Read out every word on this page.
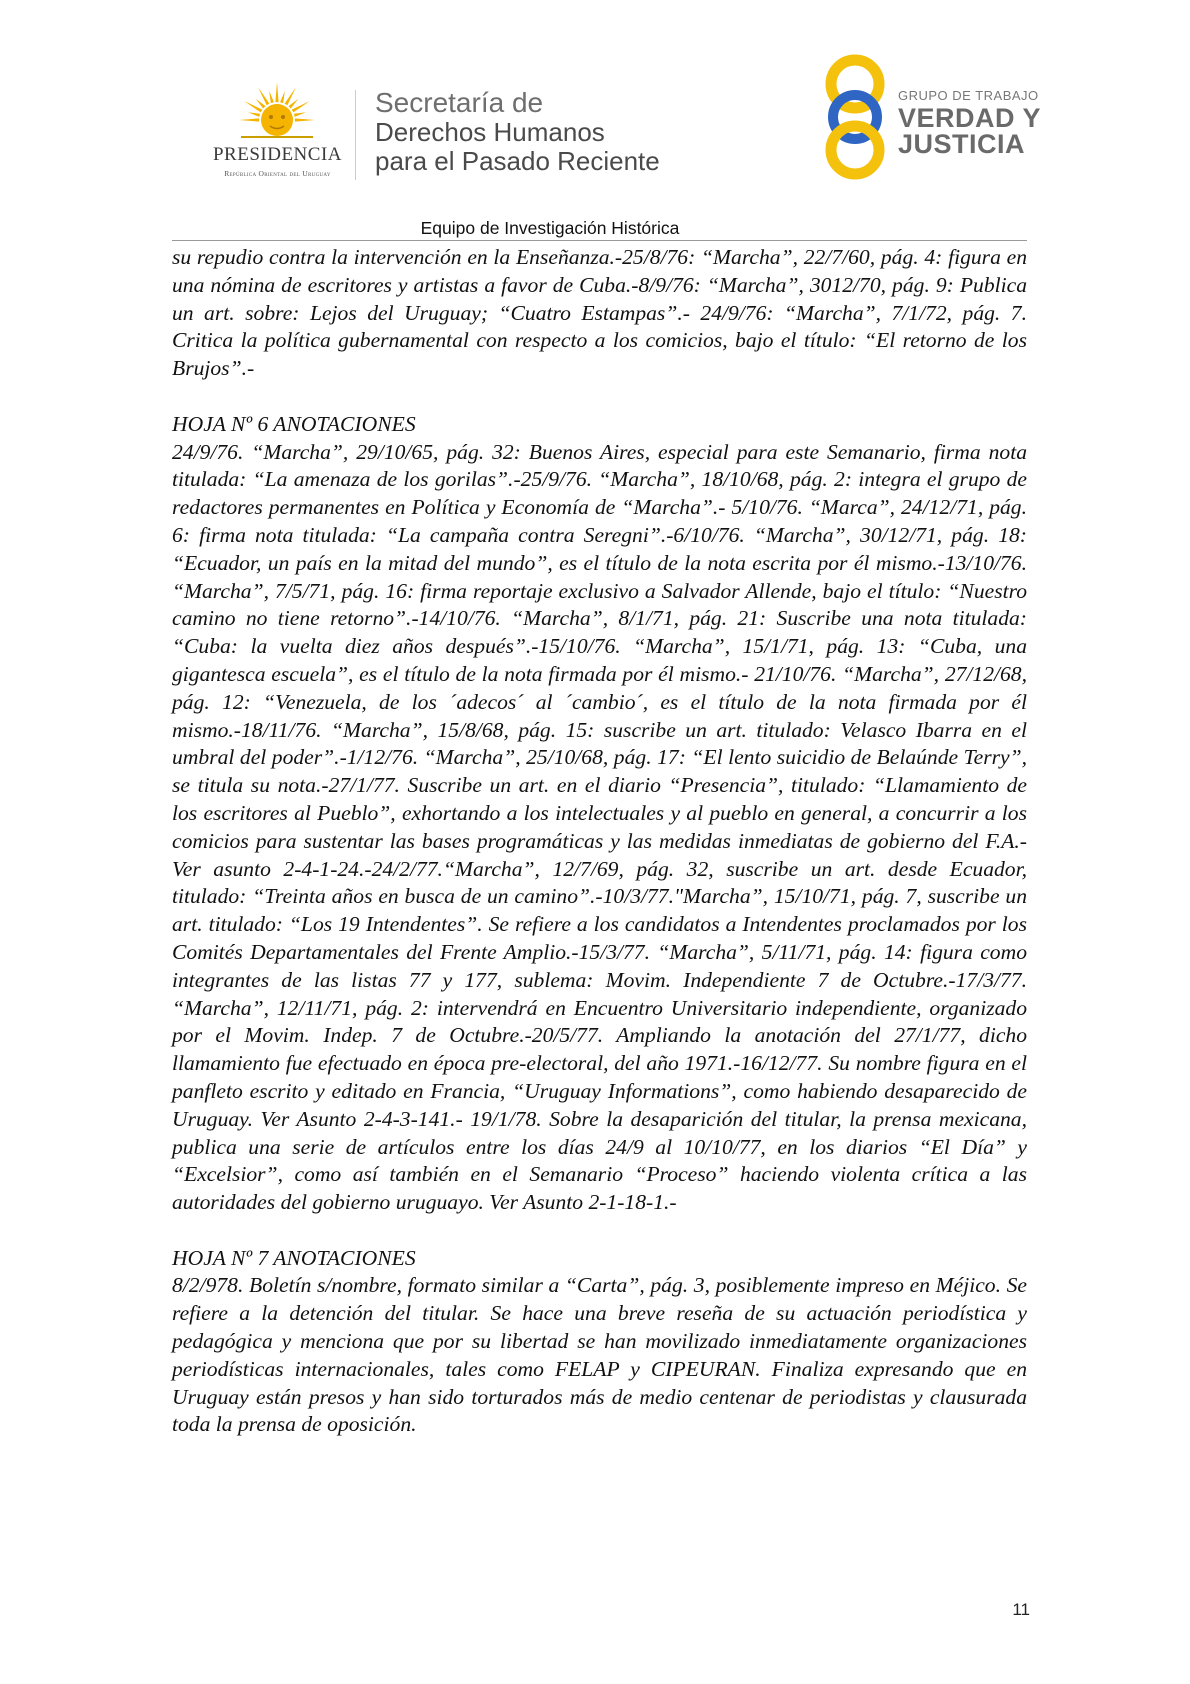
PRESIDENCIA
República Oriental del Uruguay
Secretaría de
Derechos Humanos
para el Pasado Reciente
GRUPO DE TRABAJO
VERDAD Y
JUSTICIA
Equipo de Investigación Histórica

su repudio contra la intervención en la Enseñanza.-25/8/76: “Marcha”, 22/7/60, pág. 4: figura en una nómina de escritores y artistas a favor de Cuba.-8/9/76: “Marcha”, 3012/70, pág. 9: Publica un art. sobre: Lejos del Uruguay; “Cuatro Estampas”.- 24/9/76: “Marcha”, 7/1/72, pág. 7. Critica la política gubernamental con respecto a los comicios, bajo el título: “El retorno de los Brujos”.-

HOJA Nº 6 ANOTACIONES

24/9/76. “Marcha”, 29/10/65, pág. 32: Buenos Aires, especial para este Semanario, firma nota titulada: “La amenaza de los gorilas”.-25/9/76. “Marcha”, 18/10/68, pág. 2: integra el grupo de redactores permanentes en Política y Economía de “Marcha”.- 5/10/76. “Marca”, 24/12/71, pág. 6: firma nota titulada: “La campaña contra Seregni”.-6/10/76. “Marcha”, 30/12/71, pág. 18: “Ecuador, un país en la mitad del mundo”, es el título de la nota escrita por él mismo.-13/10/76. “Marcha”, 7/5/71, pág. 16: firma reportaje exclusivo a Salvador Allende, bajo el título: “Nuestro camino no tiene retorno”.-14/10/76. “Marcha”, 8/1/71, pág. 21: Suscribe una nota titulada: “Cuba: la vuelta diez años después”.-15/10/76. “Marcha”, 15/1/71, pág. 13: “Cuba, una gigantesca escuela”, es el título de la nota firmada por él mismo.- 21/10/76. “Marcha”, 27/12/68, pág. 12: “Venezuela, de los ´adecos´ al ´cambio´, es el título de la nota firmada por él mismo.-18/11/76. “Marcha”, 15/8/68, pág. 15: suscribe un art. titulado: Velasco Ibarra en el umbral del poder”.-1/12/76. “Marcha”, 25/10/68, pág. 17: “El lento suicidio de Belaúnde Terry”, se titula su nota.-27/1/77. Suscribe un art. en el diario “Presencia”, titulado: “Llamamiento de los escritores al Pueblo”, exhortando a los intelectuales y al pueblo en general, a concurrir a los comicios para sustentar las bases programáticas y las medidas inmediatas de gobierno del F.A.- Ver asunto 2-4-1-24.-24/2/77.“Marcha”, 12/7/69, pág. 32, suscribe un art. desde Ecuador, titulado: “Treinta años en busca de un camino”.-10/3/77."Marcha”, 15/10/71, pág. 7, suscribe un art. titulado: “Los 19 Intendentes”. Se refiere a los candidatos a Intendentes proclamados por los Comités Departamentales del Frente Amplio.-15/3/77. “Marcha”, 5/11/71, pág. 14: figura como integrantes de las listas 77 y 177, sublema: Movim. Independiente 7 de Octubre.-17/3/77. “Marcha”, 12/11/71, pág. 2: intervendrá en Encuentro Universitario independiente, organizado por el Movim. Indep. 7 de Octubre.-20/5/77. Ampliando la anotación del 27/1/77, dicho llamamiento fue efectuado en época pre-electoral, del año 1971.-16/12/77. Su nombre figura en el panfleto escrito y editado en Francia, “Uruguay Informations”, como habiendo desaparecido de Uruguay. Ver Asunto 2-4-3-141.- 19/1/78. Sobre la desaparición del titular, la prensa mexicana, publica una serie de artículos entre los días 24/9 al 10/10/77, en los diarios “El Día” y “Excelsior”, como así también en el Semanario “Proceso” haciendo violenta crítica a las autoridades del gobierno uruguayo. Ver Asunto 2-1-18-1.-

HOJA Nº 7 ANOTACIONES

8/2/978. Boletín s/nombre, formato similar a “Carta”, pág. 3, posiblemente impreso en Méjico. Se refiere a la detención del titular. Se hace una breve reseña de su actuación periodística y pedagógica y menciona que por su libertad se han movilizado inmediatamente organizaciones periodísticas internacionales, tales como FELAP y CIPEURAN. Finaliza expresando que en Uruguay están presos y han sido torturados más de medio centenar de periodistas y clausurada toda la prensa de oposición.

11
